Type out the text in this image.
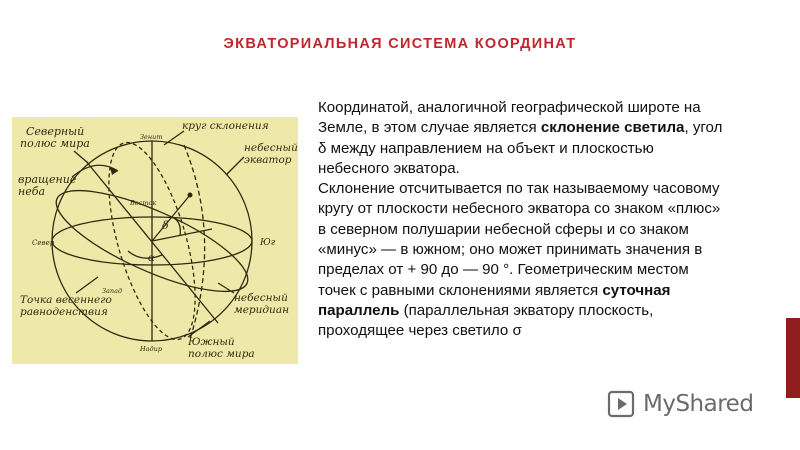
ЭКВАТОРИАЛЬНАЯ СИСТЕМА КООРДИНАТ
Северный
полюс мира
вращение
неба
круг склонения
небесный
экватор
Точка весеннего
равноденствия
небесный
меридиан
Южный
полюс мира
Север	Юг
Восток
Запад
Зенит
Надир
δ
α

Координатой, аналогичной географической широте на Земле, в этом случае является склонение светила, угол δ между направлением на объект и плоскостью небесного экватора.

Склонение отсчитывается по так называемому часовому кругу от плоскости небесного экватора со знаком «плюс» в северном полушарии небесной сферы и со знаком «минус» — в южном; оно может принимать значения в пределах от + 90 до — 90 °. Геометрическим местом точек с равными склонениями является суточная параллель (параллельная экватору плоскость, проходящее через светило σ

MyShared
